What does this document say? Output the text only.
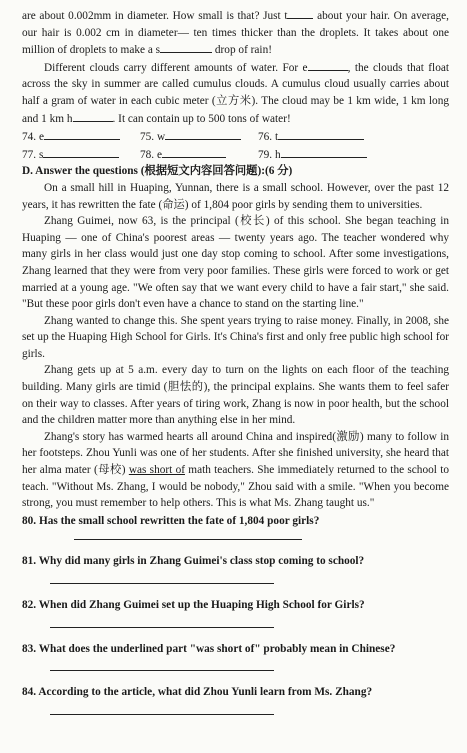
are about 0.002mm in diameter. How small is that? Just t about your hair. On average, our hair is 0.002 cm in diameter— ten times thicker than the droplets. It takes about one million of droplets to make a s	drop of rain!

Different clouds carry different amounts of water. For e	, the clouds that float across the sky in summer are called cumulus clouds. A cumulus cloud usually carries about half a gram of water in each cubic meter (立方米). The cloud may be 1 km wide, 1 km long and 1 km h	. It can contain up to 500 tons of water!

74. e	75. w	76. t
77. s	78. e	79. h

D. Answer the questions (根据短文内容回答问题):(6 分)

On a small hill in Huaping, Yunnan, there is a small school. However, over the past 12 years, it has rewritten the fate (命运) of 1,804 poor girls by sending them to universities.

Zhang Guimei, now 63, is the principal (校长) of this school. She began teaching in Huaping — one of China's poorest areas — twenty years ago. The teacher wondered why many girls in her class would just one day stop coming to school. After some investigations, Zhang learned that they were from very poor families. These girls were forced to work or get married at a young age. "We often say that we want every child to have a fair start," she said. "But these poor girls don't even have a chance to stand on the starting line."

Zhang wanted to change this. She spent years trying to raise money. Finally, in 2008, she set up the Huaping High School for Girls. It's China's first and only free public high school for girls.

Zhang gets up at 5 a.m. every day to turn on the lights on each floor of the teaching building. Many girls are timid (胆怯的), the principal explains. She wants them to feel safer on their way to classes. After years of tiring work, Zhang is now in poor health, but the school and the children matter more than anything else in her mind.

Zhang's story has warmed hearts all around China and inspired(激励) many to follow in her footsteps. Zhou Yunli was one of her students. After she finished university, she heard that her alma mater (母校) was short of math teachers. She immediately returned to the school to teach. "Without Ms. Zhang, I would be nobody," Zhou said with a smile. "When you become strong, you must remember to help others. This is what Ms. Zhang taught us."

80. Has the small school rewritten the fate of 1,804 poor girls?

81. Why did many girls in Zhang Guimei's class stop coming to school?

82. When did Zhang Guimei set up the Huaping High School for Girls?

83. What does the underlined part "was short of" probably mean in Chinese?

84. According to the article, what did Zhou Yunli learn from Ms. Zhang?
